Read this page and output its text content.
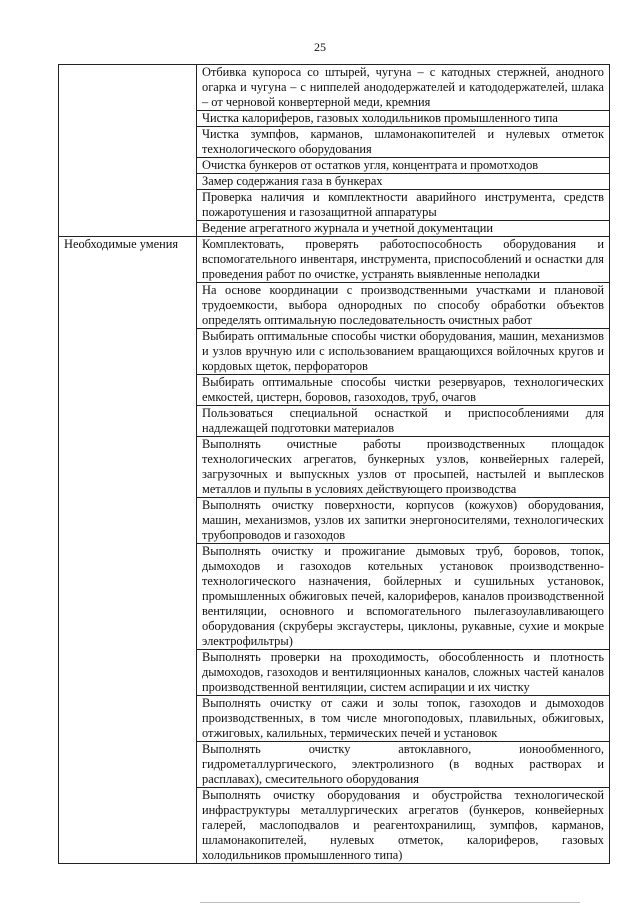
25
	Отбивка купороса со штырей, чугуна – с катодных стержней, анодного огарка и чугуна – с ниппелей анододержателей и катододержателей, шлака – от черновой конвертерной меди, кремния
	Чистка калориферов, газовых холодильников промышленного типа
	Чистка зумпфов, карманов, шламонакопителей и нулевых отметок технологического оборудования
	Очистка бункеров от остатков угля, концентрата и промотходов
	Замер содержания газа в бункерах
	Проверка наличия и комплектности аварийного инструмента, средств пожаротушения и газозащитной аппаратуры
	Ведение агрегатного журнала и учетной документации
Необходимые умения	Комплектовать, проверять работоспособность оборудования и вспомогательного инвентаря, инструмента, приспособлений и оснастки для проведения работ по очистке, устранять выявленные неполадки
	На основе координации с производственными участками и плановой трудоемкости, выбора однородных по способу обработки объектов определять оптимальную последовательность очистных работ
	Выбирать оптимальные способы чистки оборудования, машин, механизмов и узлов вручную или с использованием вращающихся войлочных кругов и кордовых щеток, перфораторов
	Выбирать оптимальные способы чистки резервуаров, технологических емкостей, цистерн, боровов, газоходов, труб, очагов
	Пользоваться специальной оснасткой и приспособлениями для надлежащей подготовки материалов
	Выполнять очистные работы производственных площадок технологических агрегатов, бункерных узлов, конвейерных галерей, загрузочных и выпускных узлов от просыпей, настылей и выплесков металлов и пульпы в условиях действующего производства
	Выполнять очистку поверхности, корпусов (кожухов) оборудования, машин, механизмов, узлов их запитки энергоносителями, технологических трубопроводов и газоходов
	Выполнять очистку и прожигание дымовых труб, боровов, топок, дымоходов и газоходов котельных установок производственно-технологического назначения, бойлерных и сушильных установок, промышленных обжиговых печей, калориферов, каналов производственной вентиляции, основного и вспомогательного пылегазоулавливающего оборудования (скруберы эксгаустеры, циклоны, рукавные, сухие и мокрые электрофильтры)
	Выполнять проверки на проходимость, обособленность и плотность дымоходов, газоходов и вентиляционных каналов, сложных частей каналов производственной вентиляции, систем аспирации и их чистку
	Выполнять очистку от сажи и золы топок, газоходов и дымоходов производственных, в том числе многоподовых, плавильных, обжиговых, отжиговых, калильных, термических печей и установок
	Выполнять очистку автоклавного, ионообменного, гидрометаллургического, электролизного (в водных растворах и расплавах), смесительного оборудования
	Выполнять очистку оборудования и обустройства технологической инфраструктуры металлургических агрегатов (бункеров, конвейерных галерей, маслоподвалов и реагентохранилищ, зумпфов, карманов, шламонакопителей, нулевых отметок, калориферов, газовых холодильников промышленного типа)
